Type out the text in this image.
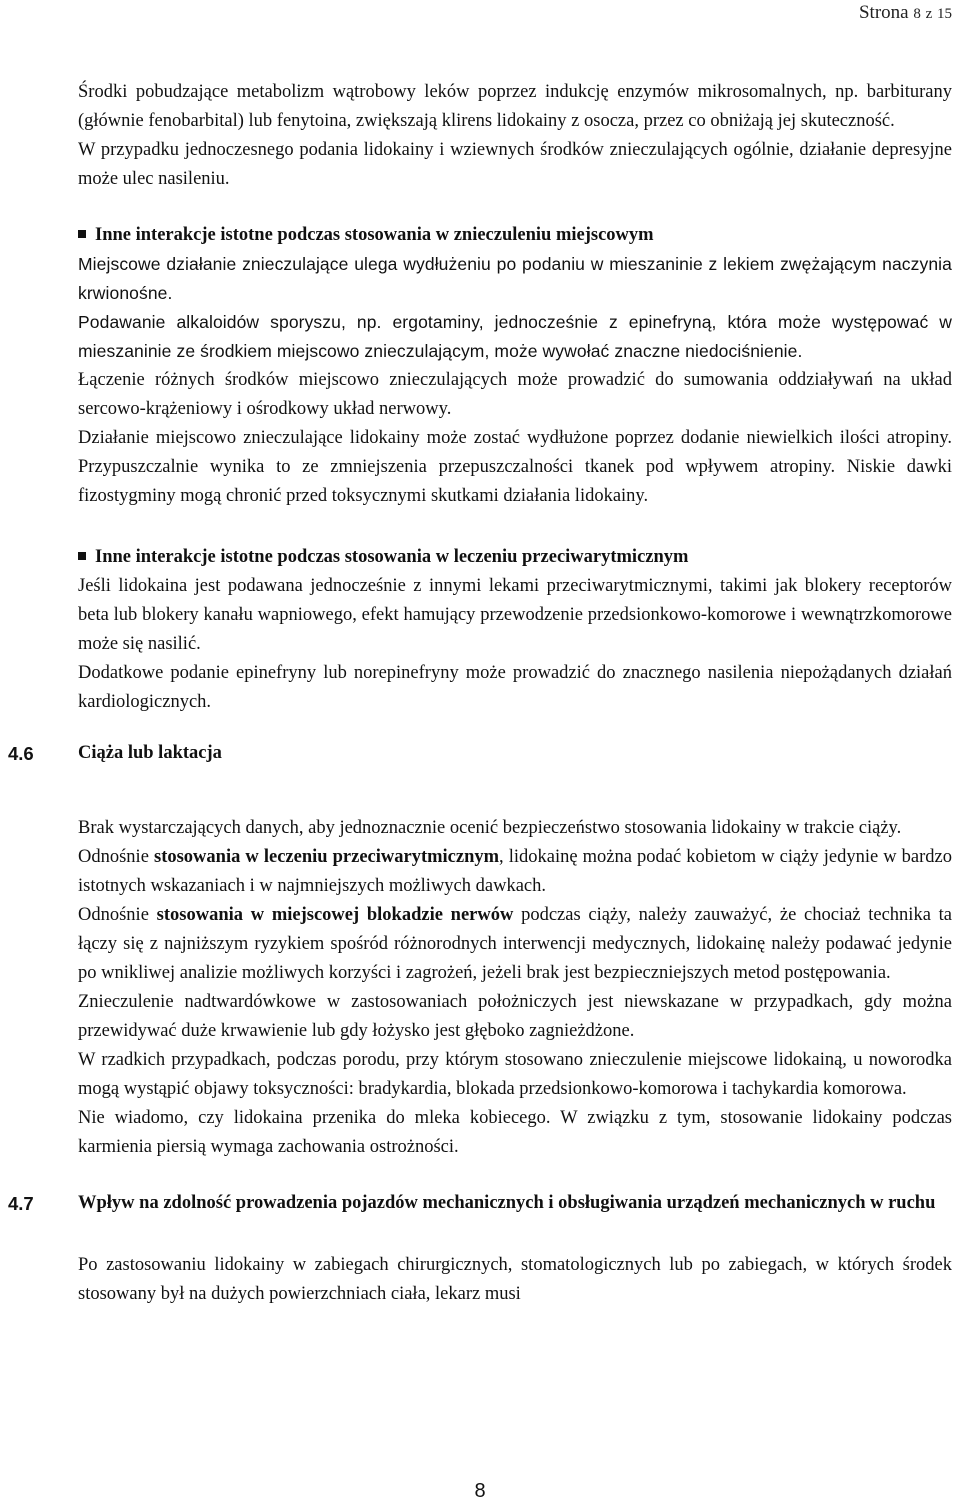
Strona 8 z 15

Środki pobudzające metabolizm wątrobowy leków poprzez indukcję enzymów mikrosomalnych, np. barbiturany (głównie fenobarbital) lub fenytoina, zwiększają klirens lidokainy z osocza, przez co obniżają jej skuteczność.

W przypadku jednoczesnego podania lidokainy i wziewnych środków znieczulających ogólnie, działanie depresyjne może ulec nasileniu.

Inne interakcje istotne podczas stosowania w znieczuleniu miejscowym

Miejscowe działanie znieczulające ulega wydłużeniu po podaniu w mieszaninie z lekiem zwężającym naczynia krwionośne.

Podawanie alkaloidów sporyszu, np. ergotaminy, jednocześnie z epinefryną, która może występować w mieszaninie ze środkiem miejscowo znieczulającym, może wywołać znaczne niedociśnienie.

Łączenie różnych środków miejscowo znieczulających może prowadzić do sumowania oddziaływań na układ sercowo-krążeniowy i ośrodkowy układ nerwowy.

Działanie miejscowo znieczulające lidokainy może zostać wydłużone poprzez dodanie niewielkich ilości atropiny. Przypuszczalnie wynika to ze zmniejszenia przepuszczalności tkanek pod wpływem atropiny. Niskie dawki fizostygminy mogą chronić przed toksycznymi skutkami działania lidokainy.

Inne interakcje istotne podczas stosowania w leczeniu przeciwarytmicznym

Jeśli lidokaina jest podawana jednocześnie z innymi lekami przeciwarytmicznymi, takimi jak blokery receptorów beta lub blokery kanału wapniowego, efekt hamujący przewodzenie przedsionkowo-komorowe i wewnątrzkomorowe może się nasilić.

Dodatkowe podanie epinefryny lub norepinefryny może prowadzić do znacznego nasilenia niepożądanych działań kardiologicznych.

4.6 Ciąża lub laktacja

Brak wystarczających danych, aby jednoznacznie ocenić bezpieczeństwo stosowania lidokainy w trakcie ciąży.

Odnośnie stosowania w leczeniu przeciwarytmicznym, lidokainę można podać kobietom w ciąży jedynie w bardzo istotnych wskazaniach i w najmniejszych możliwych dawkach.

Odnośnie stosowania w miejscowej blokadzie nerwów podczas ciąży, należy zauważyć, że chociaż technika ta łączy się z najniższym ryzykiem spośród różnorodnych interwencji medycznych, lidokainę należy podawać jedynie po wnikliwej analizie możliwych korzyści i zagrożeń, jeżeli brak jest bezpieczniejszych metod postępowania.

Znieczulenie nadtwardówkowe w zastosowaniach położniczych jest niewskazane w przypadkach, gdy można przewidywać duże krwawienie lub gdy łożysko jest głęboko zagnieżdżone.

W rzadkich przypadkach, podczas porodu, przy którym stosowano znieczulenie miejscowe lidokainą, u noworodka mogą wystąpić objawy toksyczności: bradykardia, blokada przedsionkowo-komorowa i tachykardia komorowa.

Nie wiadomo, czy lidokaina przenika do mleka kobiecego. W związku z tym, stosowanie lidokainy podczas karmienia piersią wymaga zachowania ostrożności.

4.7 Wpływ na zdolność prowadzenia pojazdów mechanicznych i obsługiwania urządzeń mechanicznych w ruchu

Po zastosowaniu lidokainy w zabiegach chirurgicznych, stomatologicznych lub po zabiegach, w których środek stosowany był na dużych powierzchniach ciała, lekarz musi

8
